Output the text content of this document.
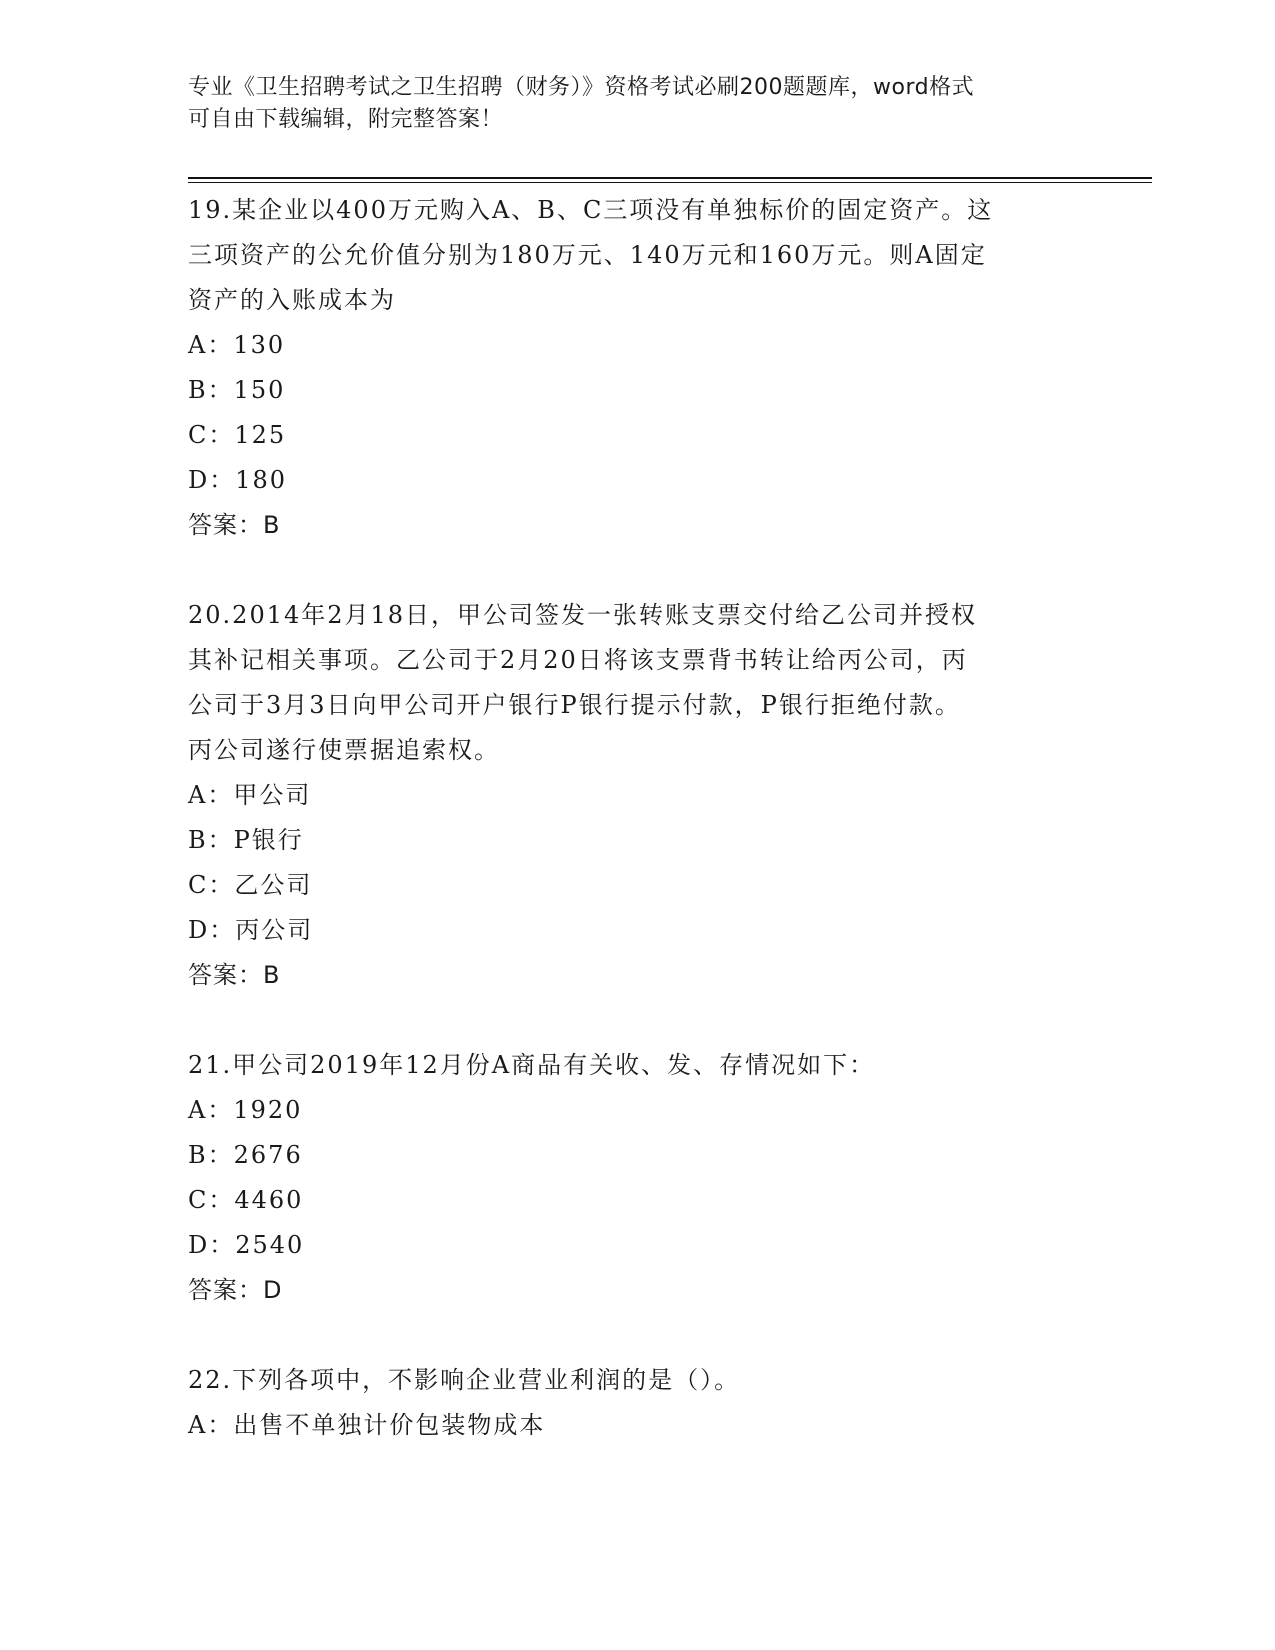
专业《卫生招聘考试之卫生招聘（财务）》资格考试必刷200题题库，word格式
可自由下载编辑，附完整答案！
19.某企业以400万元购入A、B、C三项没有单独标价的固定资产。这
三项资产的公允价值分别为180万元、140万元和160万元。则A固定
资产的入账成本为
A：130
B：150
C：125
D：180
答案：B
20.2014年2月18日，甲公司签发一张转账支票交付给乙公司并授权
其补记相关事项。乙公司于2月20日将该支票背书转让给丙公司，丙
公司于3月3日向甲公司开户银行P银行提示付款，P银行拒绝付款。
丙公司遂行使票据追索权。
A：甲公司
B：P银行
C：乙公司
D：丙公司
答案：B
21.甲公司2019年12月份A商品有关收、发、存情况如下：
A：1920
B：2676
C：4460
D：2540
答案：D
22.下列各项中，不影响企业营业利润的是（）。
A：出售不单独计价包装物成本
